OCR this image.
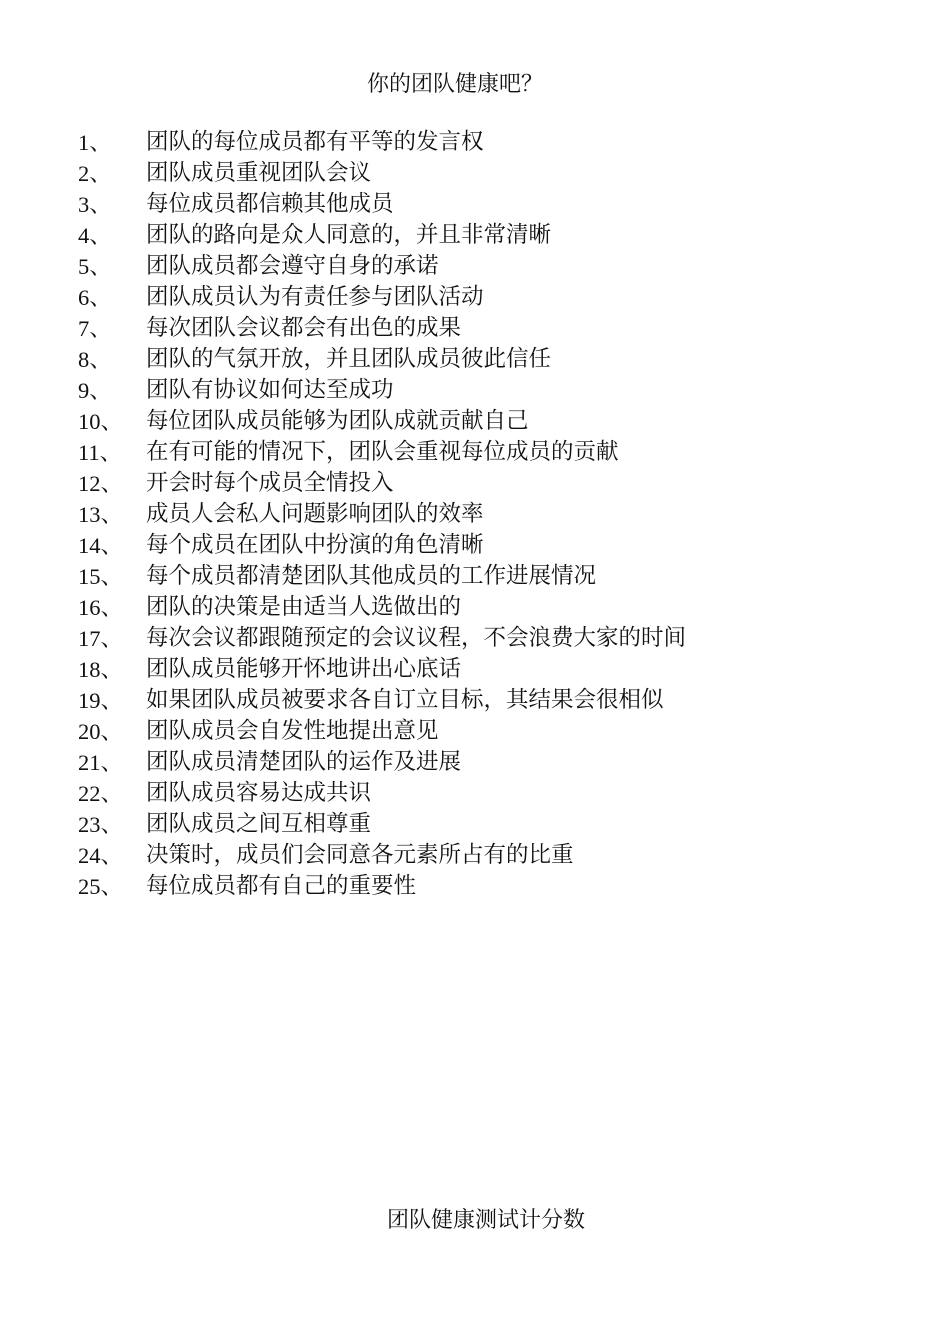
你的团队健康吧？
1、	团队的每位成员都有平等的发言权
2、	团队成员重视团队会议
3、	每位成员都信赖其他成员
4、	团队的路向是众人同意的，并且非常清晰
5、	团队成员都会遵守自身的承诺
6、	团队成员认为有责任参与团队活动
7、	每次团队会议都会有出色的成果
8、	团队的气氛开放，并且团队成员彼此信任
9、	团队有协议如何达至成功
10、	每位团队成员能够为团队成就贡献自己
11、	在有可能的情况下，团队会重视每位成员的贡献
12、	开会时每个成员全情投入
13、	成员人会私人问题影响团队的效率
14、	每个成员在团队中扮演的角色清晰
15、	每个成员都清楚团队其他成员的工作进展情况
16、	团队的决策是由适当人选做出的
17、	每次会议都跟随预定的会议议程，不会浪费大家的时间
18、	团队成员能够开怀地讲出心底话
19、	如果团队成员被要求各自订立目标，其结果会很相似
20、	团队成员会自发性地提出意见
21、	团队成员清楚团队的运作及进展
22、	团队成员容易达成共识
23、	团队成员之间互相尊重
24、	决策时，成员们会同意各元素所占有的比重
25、	每位成员都有自己的重要性
团队健康测试计分数
